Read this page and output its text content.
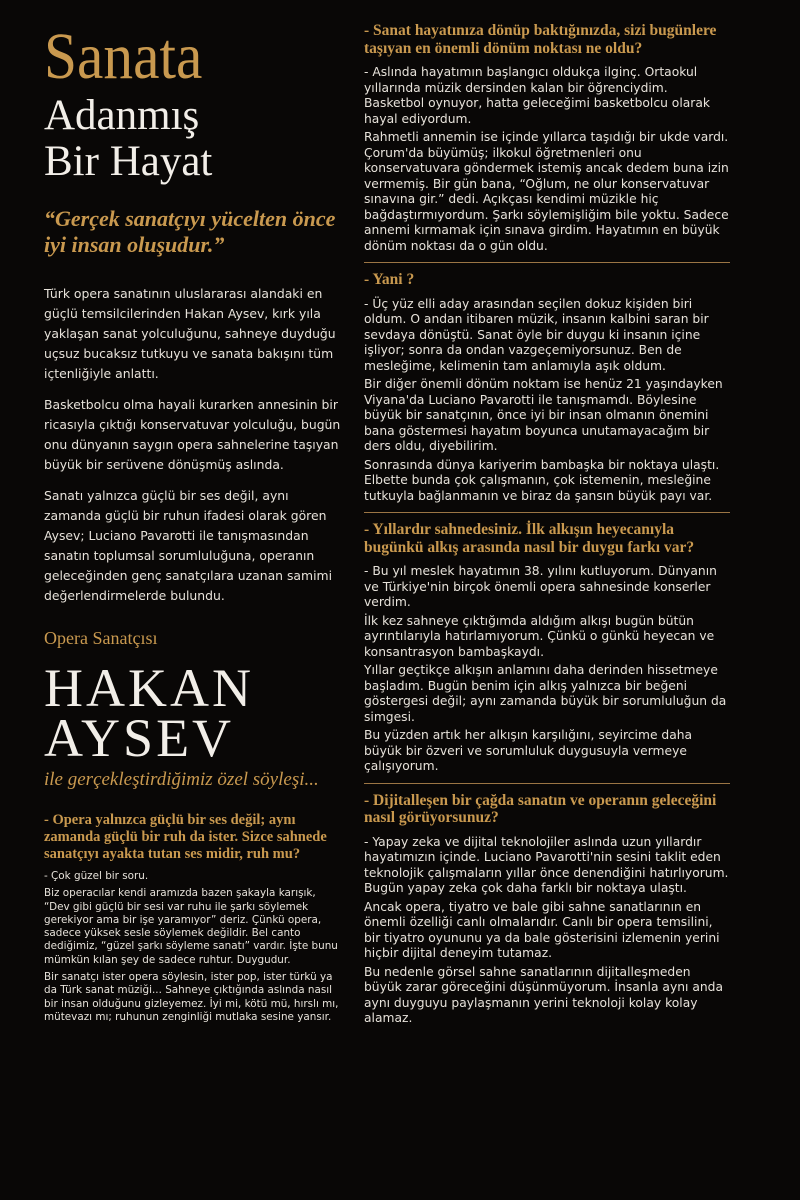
Sanata
Adanmış
Bir Hayat
“Gerçek sanatçıyı yücelten önce iyi insan oluşudur.”

Türk opera sanatının uluslararası alandaki en güçlü temsilcilerinden Hakan Aysev, kırk yıla yaklaşan sanat yolculuğunu, sahneye duyduğu uçsuz bucaksız tutkuyu ve sanata bakışını tüm içtenliğiyle anlattı.

Basketbolcu olma hayali kurarken annesinin bir ricasıyla çıktığı konservatuvar yolculuğu, bugün onu dünyanın saygın opera sahnelerine taşıyan büyük bir serüvene dönüşmüş aslında.

Sanatı yalnızca güçlü bir ses değil, aynı zamanda güçlü bir ruhun ifadesi olarak gören Aysev; Luciano Pavarotti ile tanışmasından sanatın toplumsal sorumluluğuna, operanın geleceğinden genç sanatçılara uzanan samimi değerlendirmelerde bulundu.

Opera Sanatçısı
HAKAN
AYSEV
ile gerçekleştirdiğimiz özel söyleşi...
- Opera yalnızca güçlü bir ses değil; aynı zamanda güçlü bir ruh da ister. Sizce sahnede sanatçıyı ayakta tutan ses midir, ruh mu?

- Çok güzel bir soru.

Biz operacılar kendi aramızda bazen şakayla karışık, “Dev gibi güçlü bir sesi var ruhu ile şarkı söylemek gerekiyor ama bir işe yaramıyor” deriz. Çünkü opera, sadece yüksek sesle söylemek değildir. Bel canto dediğimiz, “güzel şarkı söyleme sanatı” vardır. İşte bunu mümkün kılan şey de sadece ruhtur. Duygudur.

Bir sanatçı ister opera söylesin, ister pop, ister türkü ya da Türk sanat müziği... Sahneye çıktığında aslında nasıl bir insan olduğunu gizleyemez. İyi mi, kötü mü, hırslı mı, mütevazı mı; ruhunun zenginliği mutlaka sesine yansır.

- Sanat hayatınıza dönüp baktığınızda, sizi bugünlere taşıyan en önemli dönüm noktası ne oldu?

- Aslında hayatımın başlangıcı oldukça ilginç. Ortaokul yıllarında müzik dersinden kalan bir öğrenciydim. Basketbol oynuyor, hatta geleceğimi basketbolcu olarak hayal ediyordum.

Rahmetli annemin ise içinde yıllarca taşıdığı bir ukde vardı. Çorum'da büyümüş; ilkokul öğretmenleri onu konservatuvara göndermek istemiş ancak dedem buna izin vermemiş. Bir gün bana, “Oğlum, ne olur konservatuvar sınavına gir.” dedi. Açıkçası kendimi müzikle hiç bağdaştırmıyordum. Şarkı söylemişliğim bile yoktu. Sadece annemi kırmamak için sınava girdim. Hayatımın en büyük dönüm noktası da o gün oldu.

- Yani ?

- Üç yüz elli aday arasından seçilen dokuz kişiden biri oldum. O andan itibaren müzik, insanın kalbini saran bir sevdaya dönüştü. Sanat öyle bir duygu ki insanın içine işliyor; sonra da ondan vazgeçemiyorsunuz. Ben de mesleğime, kelimenin tam anlamıyla aşık oldum.

Bir diğer önemli dönüm noktam ise henüz 21 yaşındayken Viyana'da Luciano Pavarotti ile tanışmamdı. Böylesine büyük bir sanatçının, önce iyi bir insan olmanın önemini bana göstermesi hayatım boyunca unutamayacağım bir ders oldu, diyebilirim.

Sonrasında dünya kariyerim bambaşka bir noktaya ulaştı. Elbette bunda çok çalışmanın, çok istemenin, mesleğine tutkuyla bağlanmanın ve biraz da şansın büyük payı var.

- Yıllardır sahnedesiniz. İlk alkışın heyecanıyla bugünkü alkış arasında nasıl bir duygu farkı var?

- Bu yıl meslek hayatımın 38. yılını kutluyorum. Dünyanın ve Türkiye'nin birçok önemli opera sahnesinde konserler verdim.

İlk kez sahneye çıktığımda aldığım alkışı bugün bütün ayrıntılarıyla hatırlamıyorum. Çünkü o günkü heyecan ve konsantrasyon bambaşkaydı.

Yıllar geçtikçe alkışın anlamını daha derinden hissetmeye başladım. Bugün benim için alkış yalnızca bir beğeni göstergesi değil; aynı zamanda büyük bir sorumluluğun da simgesi.

Bu yüzden artık her alkışın karşılığını, seyircime daha büyük bir özveri ve sorumluluk duygusuyla vermeye çalışıyorum.

- Dijitalleşen bir çağda sanatın ve operanın geleceğini nasıl görüyorsunuz?

- Yapay zeka ve dijital teknolojiler aslında uzun yıllardır hayatımızın içinde. Luciano Pavarotti'nin sesini taklit eden teknolojik çalışmaların yıllar önce denendiğini hatırlıyorum. Bugün yapay zeka çok daha farklı bir noktaya ulaştı.

Ancak opera, tiyatro ve bale gibi sahne sanatlarının en önemli özelliği canlı olmalarıdır. Canlı bir opera temsilini, bir tiyatro oyununu ya da bale gösterisini izlemenin yerini hiçbir dijital deneyim tutamaz.

Bu nedenle görsel sahne sanatlarının dijitalleşmeden büyük zarar göreceğini düşünmüyorum. İnsanla aynı anda aynı duyguyu paylaşmanın yerini teknoloji kolay kolay alamaz.
